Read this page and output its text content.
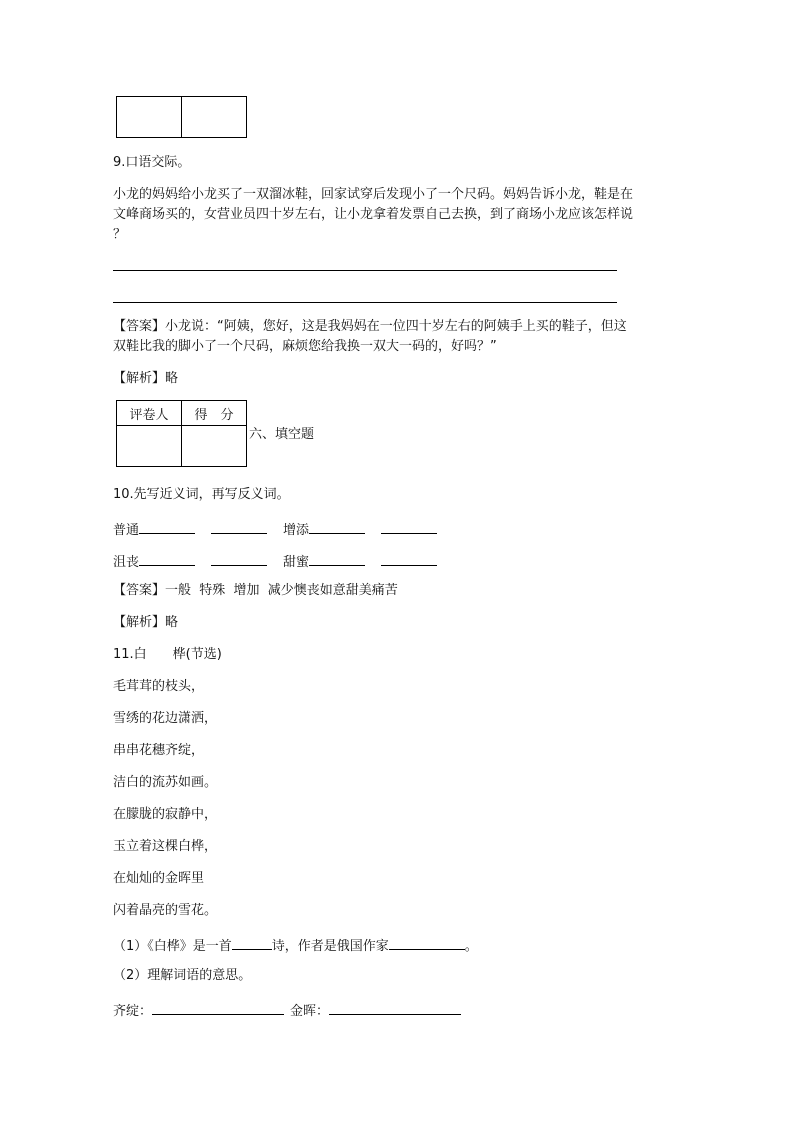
9.口语交际。
小龙的妈妈给小龙买了一双溜冰鞋，回家试穿后发现小了一个尺码。妈妈告诉小龙，鞋是在
文峰商场买的，女营业员四十岁左右，让小龙拿着发票自己去换，到了商场小龙应该怎样说
？
【答案】小龙说：“阿姨，您好，这是我妈妈在一位四十岁左右的阿姨手上买的鞋子，但这
双鞋比我的脚小了一个尺码，麻烦您给我换一双大一码的，好吗？”
【解析】略
评卷人	得　分

六、填空题
10.先写近义词，再写反义词。
普通	增添
沮丧	甜蜜
【答案】一般  特殊  增加  减少懊丧如意甜美痛苦
【解析】略
11.白　　桦(节选)
毛茸茸的枝头，
雪绣的花边潇洒，
串串花穗齐绽，
洁白的流苏如画。
在朦胧的寂静中，
玉立着这棵白桦，
在灿灿的金晖里
闪着晶亮的雪花。
（1）《白桦》是一首	诗，作者是俄国作家	。
（2）理解词语的意思。
齐绽：	金晖：
